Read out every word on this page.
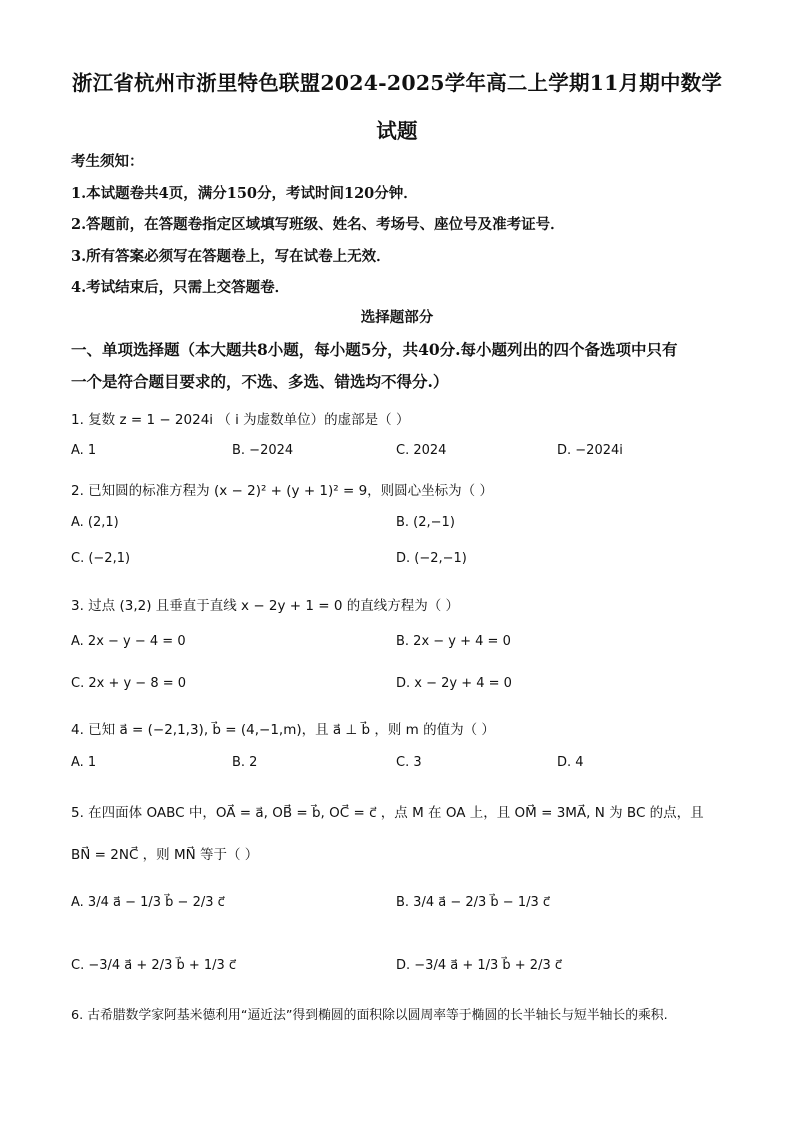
浙江省杭州市浙里特色联盟2024-2025学年高二上学期11月期中数学
试题
考生须知：
1.本试题卷共4页，满分150分，考试时间120分钟．
2.答题前，在答题卷指定区域填写班级、姓名、考场号、座位号及准考证号．
3.所有答案必须写在答题卷上，写在试卷上无效．
4.考试结束后，只需上交答题卷．
选择题部分
一、单项选择题（本大题共8小题，每小题5分，共40分.每小题列出的四个备选项中只有
一个是符合题目要求的，不选、多选、错选均不得分.）
1. 复数 z = 1 − 2024i （ i 为虚数单位）的虚部是（ ）
A. 1	B. −2024	C. 2024	D. −2024i
2. 已知圆的标准方程为 (x − 2)² + (y + 1)² = 9，则圆心坐标为（ ）
A. (2,1)	B. (2,−1)
C. (−2,1)	D. (−2,−1)
3. 过点 (3,2) 且垂直于直线 x − 2y + 1 = 0 的直线方程为（ ）
A. 2x − y − 4 = 0	B. 2x − y + 4 = 0
C. 2x + y − 8 = 0	D. x − 2y + 4 = 0
4. 已知 a⃗ = (−2,1,3), b⃗ = (4,−1,m)，且 a⃗ ⊥ b⃗ ，则 m 的值为（ ）
A. 1	B. 2	C. 3	D. 4
5. 在四面体 OABC 中，OA⃗ = a⃗, OB⃗ = b⃗, OC⃗ = c⃗ ，点 M 在 OA 上，且 OM⃗ = 3MA⃗, N 为 BC 的点，且
BN⃗ = 2NC⃗ ，则 MN⃗ 等于（ ）
A. 3/4 a⃗ − 1/3 b⃗ − 2/3 c⃗	B. 3/4 a⃗ − 2/3 b⃗ − 1/3 c⃗
C. −3/4 a⃗ + 2/3 b⃗ + 1/3 c⃗	D. −3/4 a⃗ + 1/3 b⃗ + 2/3 c⃗
6. 古希腊数学家阿基米德利用“逼近法”得到椭圆的面积除以圆周率等于椭圆的长半轴长与短半轴长的乘积.
